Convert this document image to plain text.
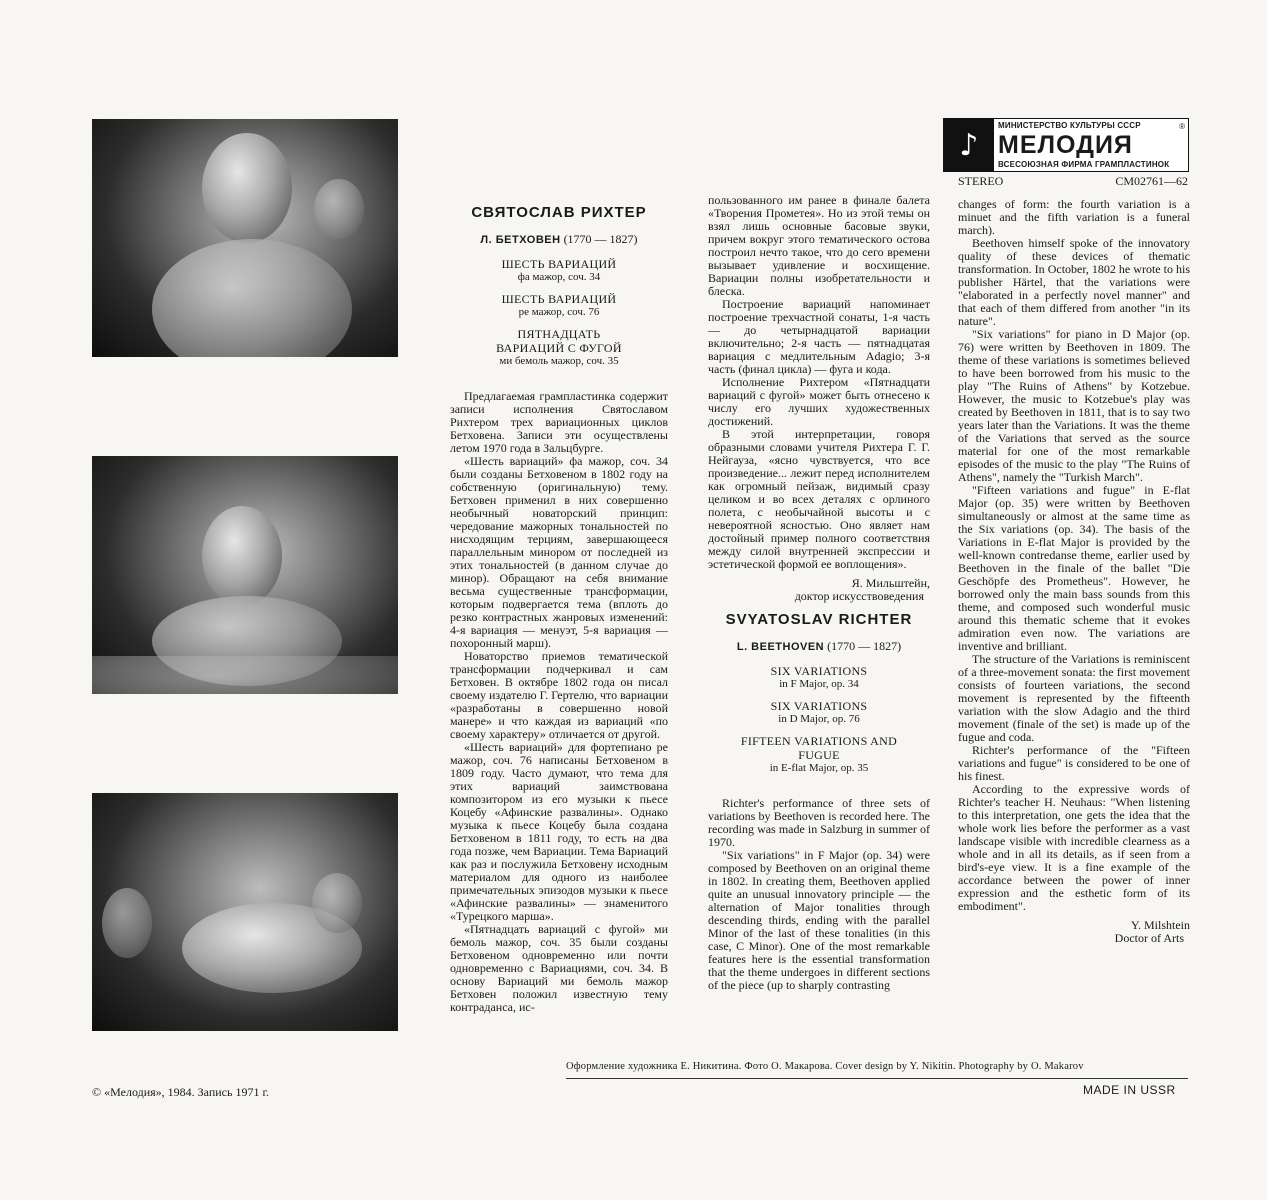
♪
МИНИСТЕРСТВО КУЛЬТУРЫ СССР
МЕЛОДИЯ
ВСЕСОЮЗНАЯ ФИРМА ГРАМПЛАСТИНОК
®
STEREO	СМ02761—62
СВЯТОСЛАВ РИХТЕР
Л. БЕТХОВЕН (1770 — 1827)
ШЕСТЬ ВАРИАЦИЙ
фа мажор, соч. 34
ШЕСТЬ ВАРИАЦИЙ
ре мажор, соч. 76
ПЯТНАДЦАТЬ ВАРИАЦИЙ С ФУГОЙ
ми бемоль мажор, соч. 35

Предлагаемая грампластинка содержит записи исполнения Святославом Рихтером трех вариационных циклов Бетховена. Записи эти осуществлены летом 1970 года в Зальцбурге.

«Шесть вариаций» фа мажор, соч. 34 были созданы Бетховеном в 1802 году на собственную (оригинальную) тему. Бетховен применил в них совершенно необычный новаторский принцип: чередование мажорных тональностей по нисходящим терциям, завершающееся параллельным минором от последней из этих тональностей (в данном случае до минор). Обращают на себя внимание весьма существенные трансформации, которым подвергается тема (вплоть до резко контрастных жанровых изменений: 4-я вариация — менуэт, 5-я вариация — похоронный марш).

Новаторство приемов тематической трансформации подчеркивал и сам Бетховен. В октябре 1802 года он писал своему издателю Г. Гертелю, что вариации «разработаны в совершенно новой манере» и что каждая из вариаций «по своему характеру» отличается от другой.

«Шесть вариаций» для фортепиано ре мажор, соч. 76 написаны Бетховеном в 1809 году. Часто думают, что тема для этих вариаций заимствована композитором из его музыки к пьесе Коцебу «Афинские развалины». Однако музыка к пьесе Коцебу была создана Бетховеном в 1811 году, то есть на два года позже, чем Вариации. Тема Вариаций как раз и послужила Бетховену исходным материалом для одного из наиболее примечательных эпизодов музыки к пьесе «Афинские развалины» — знаменитого «Турецкого марша».

«Пятнадцать вариаций с фугой» ми бемоль мажор, соч. 35 были созданы Бетховеном одновременно или почти одновременно с Вариациями, соч. 34. В основу Вариаций ми бемоль мажор Бетховен положил известную тему контраданса, ис-

пользованного им ранее в финале балета «Творения Прометея». Но из этой темы он взял лишь основные басовые звуки, причем вокруг этого тематического остова построил нечто такое, что до сего времени вызывает удивление и восхищение. Вариации полны изобретательности и блеска.

Построение вариаций напоминает построение трехчастной сонаты, 1-я часть — до четырнадцатой вариации включительно; 2-я часть — пятнадцатая вариация с медлительным Adagio; 3-я часть (финал цикла) — фуга и кода.

Исполнение Рихтером «Пятнадцати вариаций с фугой» может быть отнесено к числу его лучших художественных достижений.

В этой интерпретации, говоря образными словами учителя Рихтера Г. Г. Нейгауза, «ясно чувствуется, что все произведение... лежит перед исполнителем как огромный пейзаж, видимый сразу целиком и во всех деталях с орлиного полета, с необычайной высоты и с невероятной ясностью. Оно являет нам достойный пример полного соответствия между силой внутренней экспрессии и эстетической формой ее воплощения».

Я. Мильштейн,
доктор искусствоведения
SVYATOSLAV RICHTER
L. BEETHOVEN (1770 — 1827)
SIX VARIATIONS
in F Major, op. 34
SIX VARIATIONS
in D Major, op. 76
FIFTEEN VARIATIONS AND FUGUE
in E-flat Major, op. 35

Richter's performance of three sets of variations by Beethoven is recorded here. The recording was made in Salzburg in summer of 1970.

"Six variations" in F Major (op. 34) were composed by Beethoven on an original theme in 1802. In creating them, Beethoven applied quite an unusual innovatory principle — the alternation of Major tonalities through descending thirds, ending with the parallel Minor of the last of these tonalities (in this case, C Minor). One of the most remarkable features here is the essential transformation that the theme undergoes in different sections of the piece (up to sharply contrasting

changes of form: the fourth variation is a minuet and the fifth variation is a funeral march).

Beethoven himself spoke of the innovatory quality of these devices of thematic transformation. In October, 1802 he wrote to his publisher Härtel, that the variations were "elaborated in a perfectly novel manner" and that each of them differed from another "in its nature".

"Six variations" for piano in D Major (op. 76) were written by Beethoven in 1809. The theme of these variations is sometimes believed to have been borrowed from his music to the play "The Ruins of Athens" by Kotzebue. However, the music to Kotzebue's play was created by Beethoven in 1811, that is to say two years later than the Variations. It was the theme of the Variations that served as the source material for one of the most remarkable episodes of the music to the play "The Ruins of Athens", namely the "Turkish March".

"Fifteen variations and fugue" in E-flat Major (op. 35) were written by Beethoven simultaneously or almost at the same time as the Six variations (op. 34). The basis of the Variations in E-flat Major is provided by the well-known contredanse theme, earlier used by Beethoven in the finale of the ballet "Die Geschöpfe des Prometheus". However, he borrowed only the main bass sounds from this theme, and composed such wonderful music around this thematic scheme that it evokes admiration even now. The variations are inventive and brilliant.

The structure of the Variations is reminiscent of a three-movement sonata: the first movement consists of fourteen variations, the second movement is represented by the fifteenth variation with the slow Adagio and the third movement (finale of the set) is made up of the fugue and coda.

Richter's performance of the "Fifteen variations and fugue" is considered to be one of his finest.

According to the expressive words of Richter's teacher H. Neuhaus: "When listening to this interpretation, one gets the idea that the whole work lies before the performer as a vast landscape visible with incredible clearness as a whole and in all its details, as if seen from a bird's-eye view. It is a fine example of the accordance between the power of inner expression and the esthetic form of its embodiment".

Y. Milshtein
Doctor of Arts
Оформление художника Е. Никитина. Фото О. Макарова. Cover design by Y. Nikitin. Photography by O. Makarov
© «Мелодия», 1984. Запись 1971 г.	MADE IN USSR
